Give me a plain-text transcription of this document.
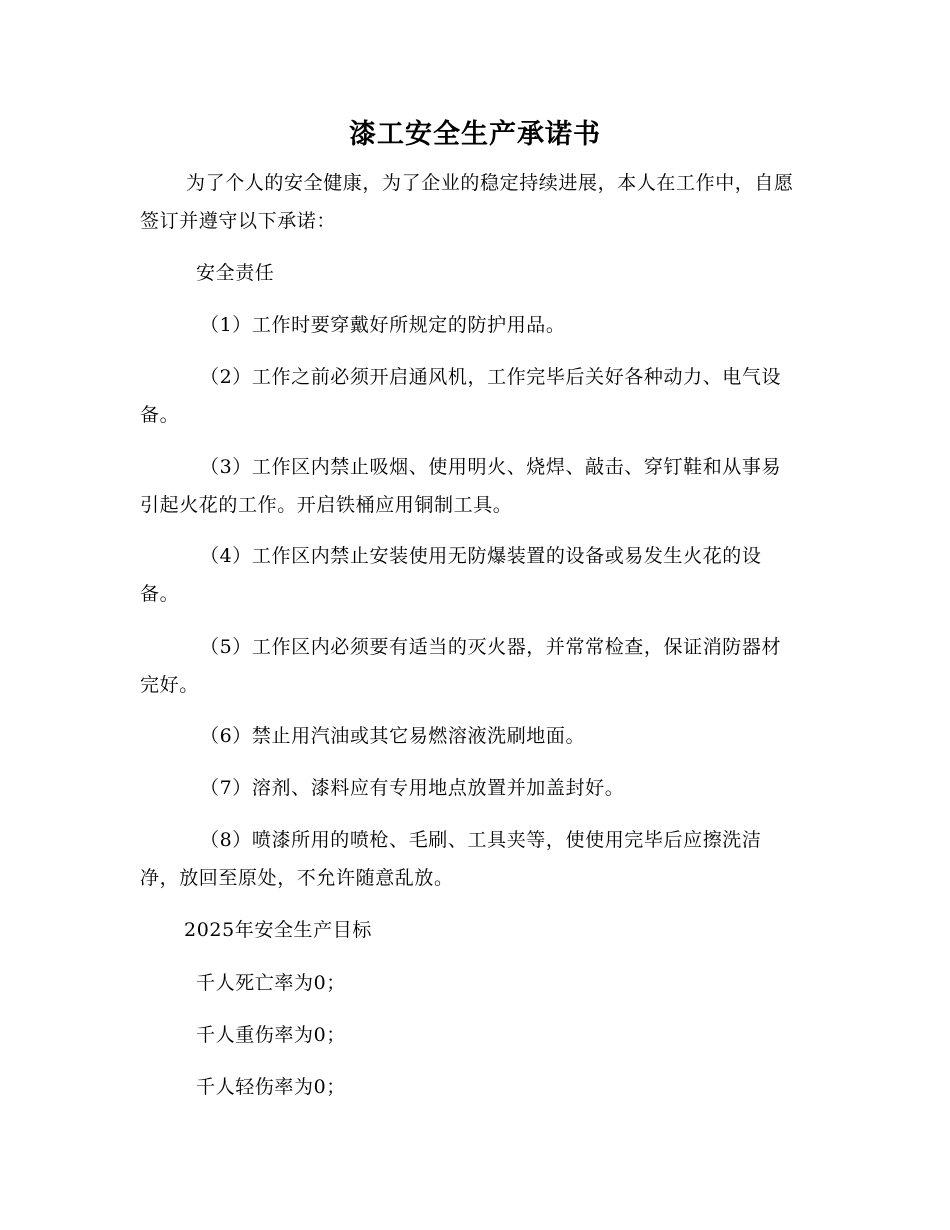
漆工安全生产承诺书
为了个人的安全健康，为了企业的稳定持续进展，本人在工作中，自愿签订并遵守以下承诺：
安全责任
（1）工作时要穿戴好所规定的防护用品。
（2）工作之前必须开启通风机，工作完毕后关好各种动力、电气设备。
（3）工作区内禁止吸烟、使用明火、烧焊、敲击、穿钉鞋和从事易引起火花的工作。开启铁桶应用铜制工具。
（4）工作区内禁止安装使用无防爆装置的设备或易发生火花的设备。
（5）工作区内必须要有适当的灭火器，并常常检查，保证消防器材完好。
（6）禁止用汽油或其它易燃溶液洗刷地面。
（7）溶剂、漆料应有专用地点放置并加盖封好。
（8）喷漆所用的喷枪、毛刷、工具夹等，使使用完毕后应擦洗洁净，放回至原处，不允许随意乱放。
2025年安全生产目标
千人死亡率为0；
千人重伤率为0；
千人轻伤率为0；
